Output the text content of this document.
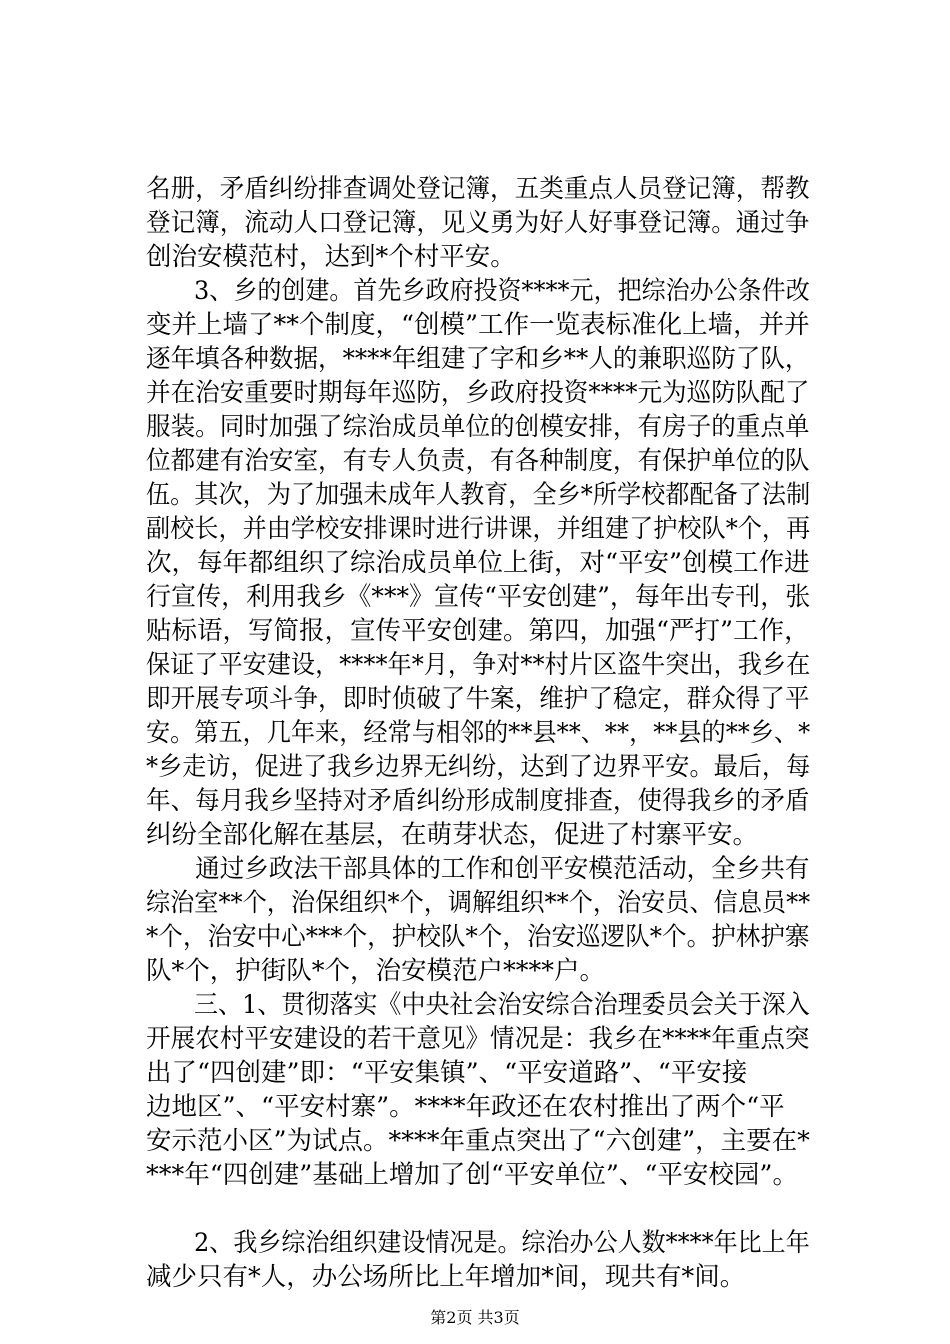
名册，矛盾纠纷排查调处登记簿，五类重点人员登记簿，帮教
登记簿，流动人口登记簿，见义勇为好人好事登记簿。通过争
创治安模范村，达到*个村平安。
　　3、乡的创建。首先乡政府投资****元，把综治办公条件改
变并上墙了**个制度，“创模”工作一览表标准化上墙，并并
逐年填各种数据，****年组建了字和乡**人的兼职巡防了队，
并在治安重要时期每年巡防，乡政府投资****元为巡防队配了
服装。同时加强了综治成员单位的创模安排，有房子的重点单
位都建有治安室，有专人负责，有各种制度，有保护单位的队
伍。其次，为了加强未成年人教育，全乡*所学校都配备了法制
副校长，并由学校安排课时进行讲课，并组建了护校队*个，再
次，每年都组织了综治成员单位上街，对“平安”创模工作进
行宣传，利用我乡《***》宣传“平安创建”，每年出专刊，张
贴标语，写简报，宣传平安创建。第四，加强“严打”工作，
保证了平安建设，****年*月，争对**村片区盗牛突出，我乡在
即开展专项斗争，即时侦破了牛案，维护了稳定，群众得了平
安。第五，几年来，经常与相邻的**县**、**，**县的**乡、*
*乡走访，促进了我乡边界无纠纷，达到了边界平安。最后，每
年、每月我乡坚持对矛盾纠纷形成制度排查，使得我乡的矛盾
纠纷全部化解在基层，在萌芽状态，促进了村寨平安。
　　通过乡政法干部具体的工作和创平安模范活动，全乡共有
综治室**个，治保组织*个，调解组织**个，治安员、信息员**
*个，治安中心***个，护校队*个，治安巡逻队*个。护林护寨
队*个，护街队*个，治安模范户****户。
　　三、1、贯彻落实《中央社会治安综合治理委员会关于深入
开展农村平安建设的若干意见》情况是：我乡在****年重点突
出了“四创建”即：“平安集镇”、“平安道路”、“平安接
边地区”、“平安村寨”。****年政还在农村推出了两个“平
安示范小区”为试点。****年重点突出了“六创建”，主要在*
***年“四创建”基础上增加了创“平安单位”、“平安校园”。
　　2、我乡综治组织建设情况是。综治办公人数****年比上年
减少只有*人，办公场所比上年增加*间，现共有*间。
第2页 共3页
